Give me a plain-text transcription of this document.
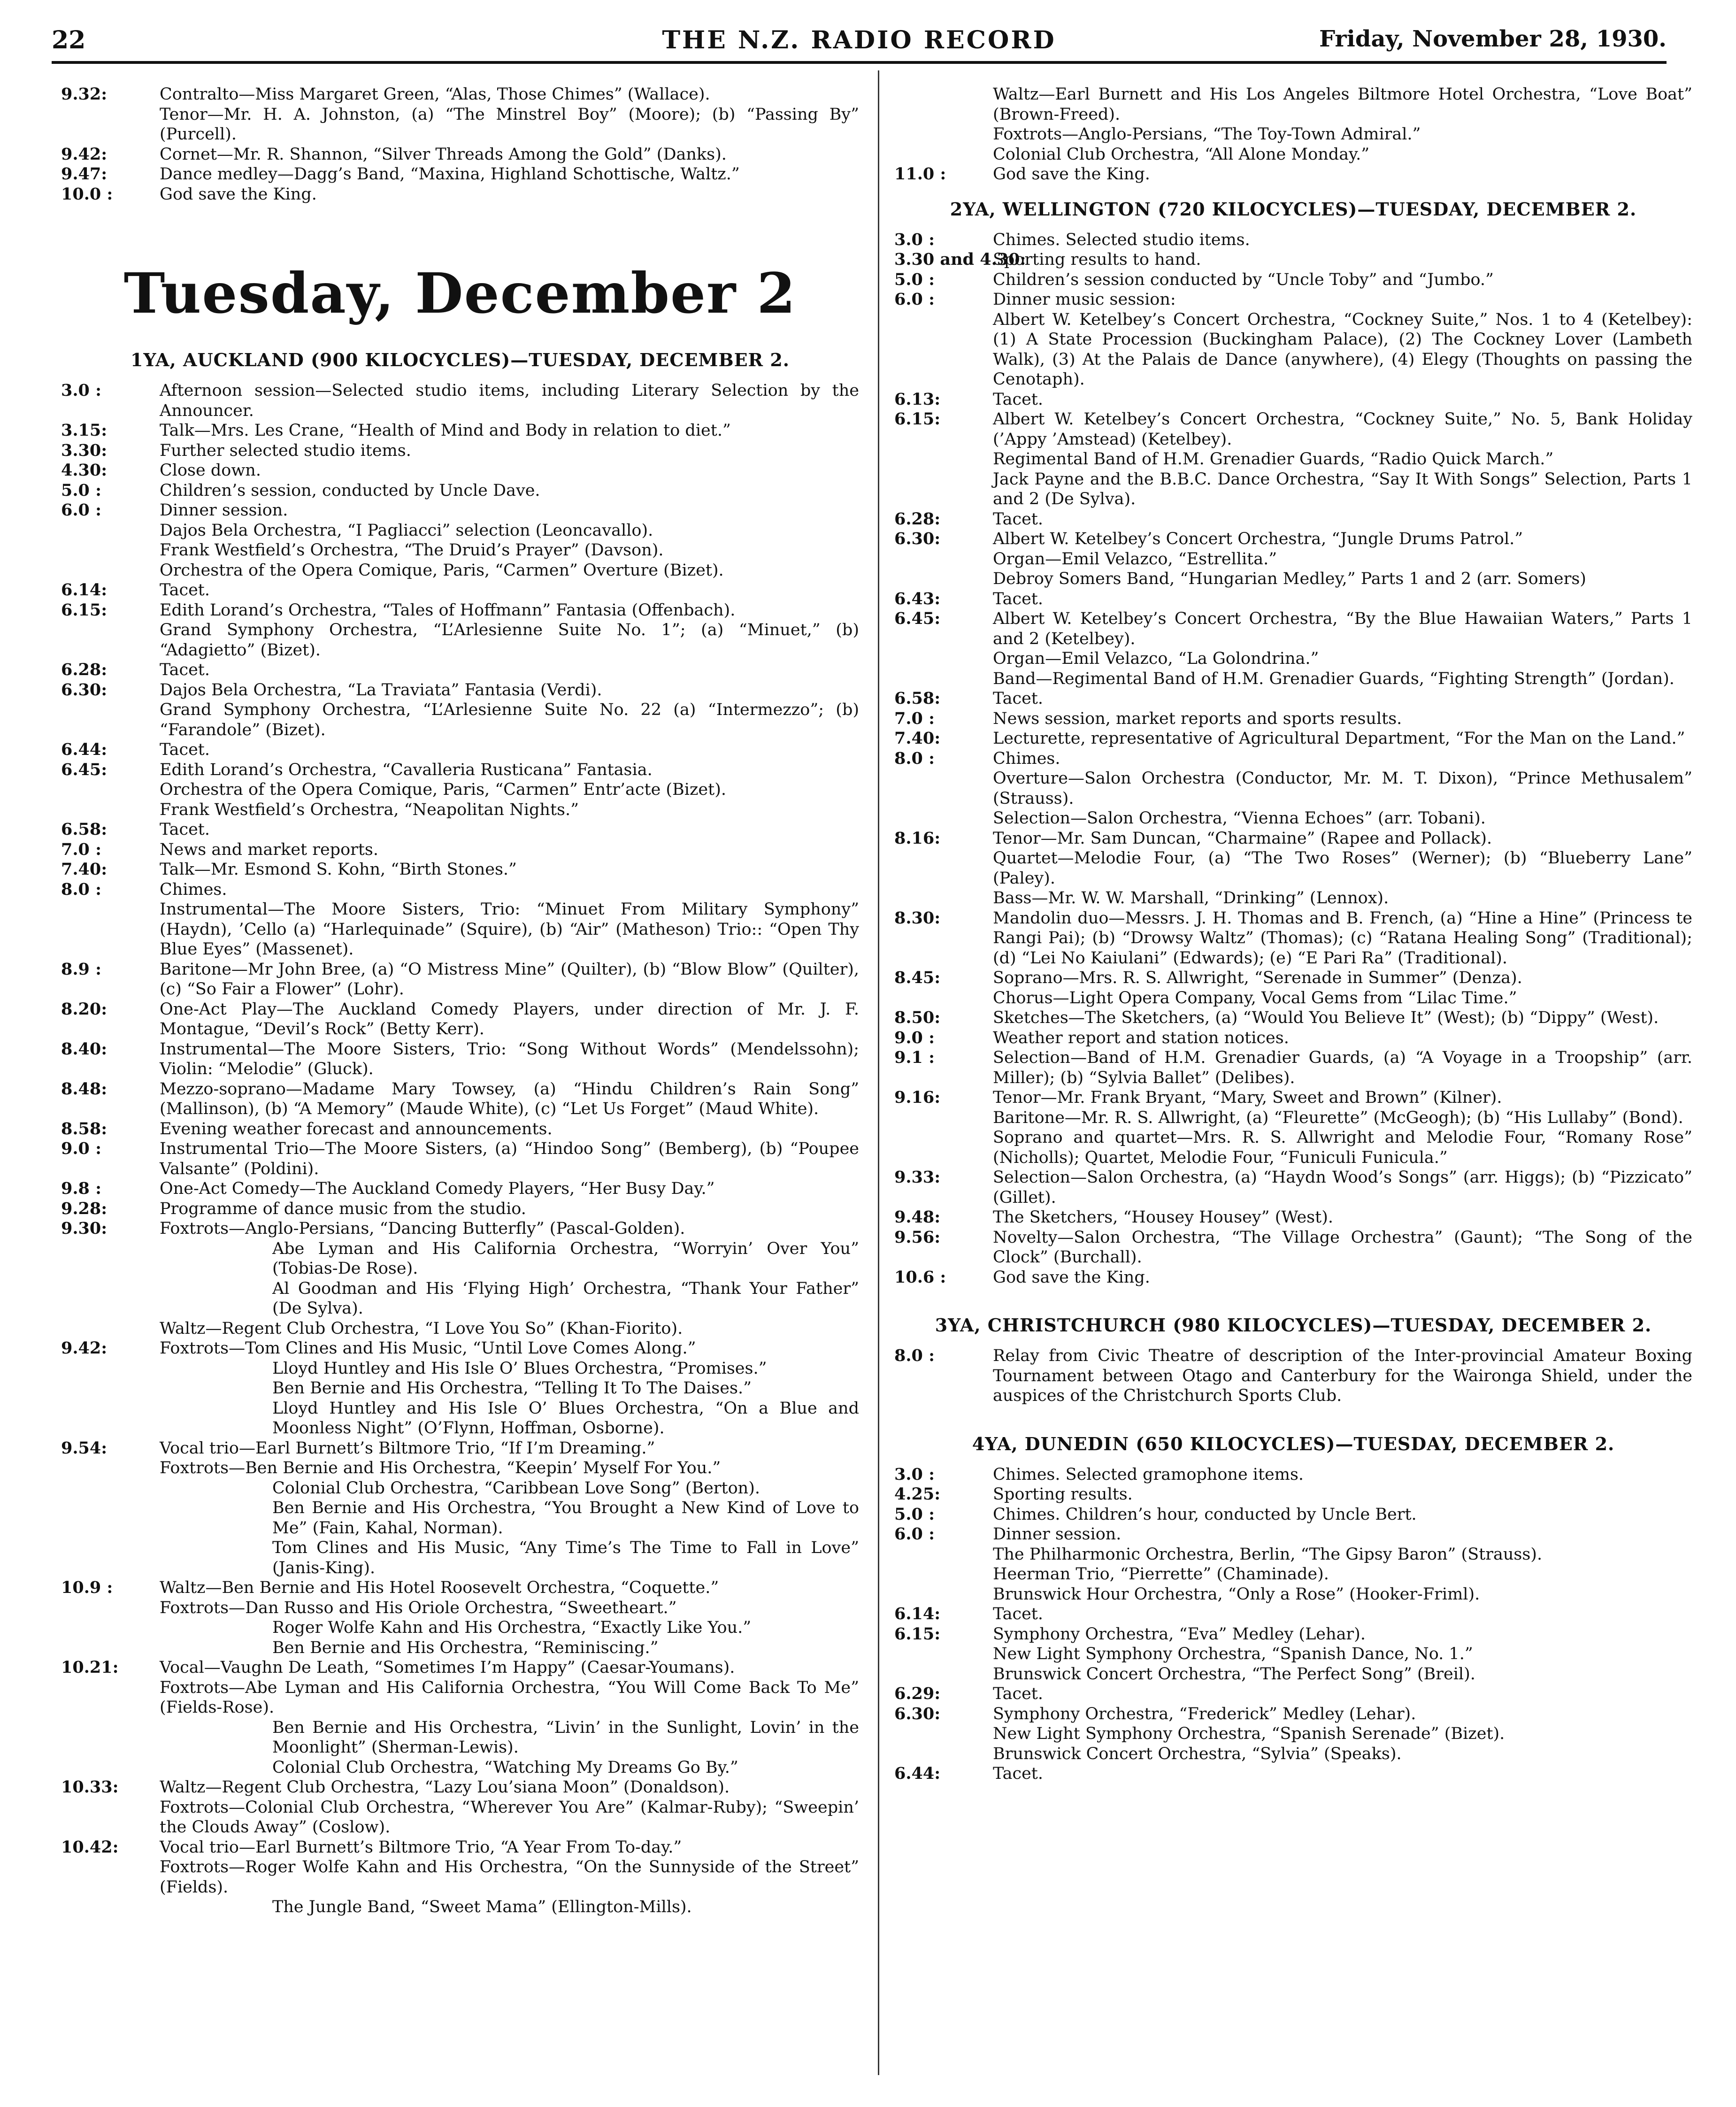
22	THE N.Z. RADIO RECORD	Friday, November 28, 1930.
9.32:	Contralto—Miss Margaret Green, “Alas, Those Chimes” (Wallace).
Tenor—Mr. H. A. Johnston, (a) “The Minstrel Boy” (Moore); (b) “Passing By” (Purcell).
9.42:	Cornet—Mr. R. Shannon, “Silver Threads Among the Gold” (Danks).
9.47:	Dance medley—Dagg’s Band, “Maxina, Highland Schottische, Waltz.”
10.0 :	God save the King.
Tuesday, December 2
1YA, AUCKLAND (900 KILOCYCLES)—TUESDAY, DECEMBER 2.
3.0 :	Afternoon session—Selected studio items, including Literary Selection by the Announcer.
3.15:	Talk—Mrs. Les Crane, “Health of Mind and Body in relation to diet.”
3.30:	Further selected studio items.
4.30:	Close down.
5.0 :	Children’s session, conducted by Uncle Dave.
6.0 :	Dinner session.
Dajos Bela Orchestra, “I Pagliacci” selection (Leoncavallo).
Frank Westfield’s Orchestra, “The Druid’s Prayer” (Davson).
Orchestra of the Opera Comique, Paris, “Carmen” Overture (Bizet).
6.14:	Tacet.
6.15:	Edith Lorand’s Orchestra, “Tales of Hoffmann” Fantasia (Offenbach).
Grand Symphony Orchestra, “L’Arlesienne Suite No. 1”; (a) “Minuet,” (b) “Adagietto” (Bizet).
6.28:	Tacet.
6.30:	Dajos Bela Orchestra, “La Traviata” Fantasia (Verdi).
Grand Symphony Orchestra, “L’Arlesienne Suite No. 22 (a) “Intermezzo”; (b) “Farandole” (Bizet).
6.44:	Tacet.
6.45:	Edith Lorand’s Orchestra, “Cavalleria Rusticana” Fantasia.
Orchestra of the Opera Comique, Paris, “Carmen” Entr’acte (Bizet).
Frank Westfield’s Orchestra, “Neapolitan Nights.”
6.58:	Tacet.
7.0 :	News and market reports.
7.40:	Talk—Mr. Esmond S. Kohn, “Birth Stones.”
8.0 :	Chimes.
Instrumental—The Moore Sisters, Trio: “Minuet From Military Symphony” (Haydn), ’Cello (a) “Harlequinade” (Squire), (b) “Air” (Matheson) Trio:: “Open Thy Blue Eyes” (Massenet).
8.9 :	Baritone—Mr John Bree, (a) “O Mistress Mine” (Quilter), (b) “Blow Blow” (Quilter), (c) “So Fair a Flower” (Lohr).
8.20:	One-Act Play—The Auckland Comedy Players, under direction of Mr. J. F. Montague, “Devil’s Rock” (Betty Kerr).
8.40:	Instrumental—The Moore Sisters, Trio: “Song Without Words” (Mendelssohn); Violin: “Melodie” (Gluck).
8.48:	Mezzo-soprano—Madame Mary Towsey, (a) “Hindu Children’s Rain Song” (Mallinson), (b) “A Memory” (Maude White), (c) “Let Us Forget” (Maud White).
8.58:	Evening weather forecast and announcements.
9.0 :	Instrumental Trio—The Moore Sisters, (a) “Hindoo Song” (Bemberg), (b) “Poupee Valsante” (Poldini).
9.8 :	One-Act Comedy—The Auckland Comedy Players, “Her Busy Day.”
9.28:	Programme of dance music from the studio.
9.30:	Foxtrots—Anglo-Persians, “Dancing Butterfly” (Pascal-Golden).
Abe Lyman and His California Orchestra, “Worryin’ Over You” (Tobias-De Rose).
Al Goodman and His ‘Flying High’ Orchestra, “Thank Your Father” (De Sylva).
Waltz—Regent Club Orchestra, “I Love You So” (Khan-Fiorito).
9.42:	Foxtrots—Tom Clines and His Music, “Until Love Comes Along.”
Lloyd Huntley and His Isle O’ Blues Orchestra, “Promises.”
Ben Bernie and His Orchestra, “Telling It To The Daises.”
Lloyd Huntley and His Isle O’ Blues Orchestra, “On a Blue and Moonless Night” (O’Flynn, Hoffman, Osborne).
9.54:	Vocal trio—Earl Burnett’s Biltmore Trio, “If I’m Dreaming.”
Foxtrots—Ben Bernie and His Orchestra, “Keepin’ Myself For You.”
Colonial Club Orchestra, “Caribbean Love Song” (Berton).
Ben Bernie and His Orchestra, “You Brought a New Kind of Love to Me” (Fain, Kahal, Norman).
Tom Clines and His Music, “Any Time’s The Time to Fall in Love” (Janis-King).
10.9 :	Waltz—Ben Bernie and His Hotel Roosevelt Orchestra, “Coquette.”
Foxtrots—Dan Russo and His Oriole Orchestra, “Sweetheart.”
Roger Wolfe Kahn and His Orchestra, “Exactly Like You.”
Ben Bernie and His Orchestra, “Reminiscing.”
10.21:	Vocal—Vaughn De Leath, “Sometimes I’m Happy” (Caesar-Youmans).
Foxtrots—Abe Lyman and His California Orchestra, “You Will Come Back To Me” (Fields-Rose).
Ben Bernie and His Orchestra, “Livin’ in the Sunlight, Lovin’ in the Moonlight” (Sherman-Lewis).
Colonial Club Orchestra, “Watching My Dreams Go By.”
10.33:	Waltz—Regent Club Orchestra, “Lazy Lou’siana Moon” (Donaldson).
Foxtrots—Colonial Club Orchestra, “Wherever You Are” (Kalmar-Ruby); “Sweepin’ the Clouds Away” (Coslow).
10.42:	Vocal trio—Earl Burnett’s Biltmore Trio, “A Year From To-day.”
Foxtrots—Roger Wolfe Kahn and His Orchestra, “On the Sunnyside of the Street” (Fields).
The Jungle Band, “Sweet Mama” (Ellington-Mills).
Waltz—Earl Burnett and His Los Angeles Biltmore Hotel Orchestra, “Love Boat” (Brown-Freed).
Foxtrots—Anglo-Persians, “The Toy-Town Admiral.”
Colonial Club Orchestra, “All Alone Monday.”
11.0 :	God save the King.
2YA, WELLINGTON (720 KILOCYCLES)—TUESDAY, DECEMBER 2.
3.0 :	Chimes. Selected studio items.
3.30 and 4.30:
Sporting results to hand.
5.0 :	Children’s session conducted by “Uncle Toby” and “Jumbo.”
6.0 :	Dinner music session:
Albert W. Ketelbey’s Concert Orchestra, “Cockney Suite,” Nos. 1 to 4 (Ketelbey): (1) A State Procession (Buckingham Palace), (2) The Cockney Lover (Lambeth Walk), (3) At the Palais de Dance (anywhere), (4) Elegy (Thoughts on passing the Cenotaph).
6.13:	Tacet.
6.15:	Albert W. Ketelbey’s Concert Orchestra, “Cockney Suite,” No. 5, Bank Holiday (’Appy ’Amstead) (Ketelbey).
Regimental Band of H.M. Grenadier Guards, “Radio Quick March.”
Jack Payne and the B.B.C. Dance Orchestra, “Say It With Songs” Selection, Parts 1 and 2 (De Sylva).
6.28:	Tacet.
6.30:	Albert W. Ketelbey’s Concert Orchestra, “Jungle Drums Patrol.”
Organ—Emil Velazco, “Estrellita.”
Debroy Somers Band, “Hungarian Medley,” Parts 1 and 2 (arr. Somers)
6.43:	Tacet.
6.45:	Albert W. Ketelbey’s Concert Orchestra, “By the Blue Hawaiian Waters,” Parts 1 and 2 (Ketelbey).
Organ—Emil Velazco, “La Golondrina.”
Band—Regimental Band of H.M. Grenadier Guards, “Fighting Strength” (Jordan).
6.58:	Tacet.
7.0 :	News session, market reports and sports results.
7.40:	Lecturette, representative of Agricultural Department, “For the Man on the Land.”
8.0 :	Chimes.
Overture—Salon Orchestra (Conductor, Mr. M. T. Dixon), “Prince Methusalem” (Strauss).
Selection—Salon Orchestra, “Vienna Echoes” (arr. Tobani).
8.16:	Tenor—Mr. Sam Duncan, “Charmaine” (Rapee and Pollack).
Quartet—Melodie Four, (a) “The Two Roses” (Werner); (b) “Blueberry Lane” (Paley).
Bass—Mr. W. W. Marshall, “Drinking” (Lennox).
8.30:	Mandolin duo—Messrs. J. H. Thomas and B. French, (a) “Hine a Hine” (Princess te Rangi Pai); (b) “Drowsy Waltz” (Thomas); (c) “Ratana Healing Song” (Traditional); (d) “Lei No Kaiulani” (Edwards); (e) “E Pari Ra” (Traditional).
8.45:	Soprano—Mrs. R. S. Allwright, “Serenade in Summer” (Denza).
Chorus—Light Opera Company, Vocal Gems from “Lilac Time.”
8.50:	Sketches—The Sketchers, (a) “Would You Believe It” (West); (b) “Dippy” (West).
9.0 :	Weather report and station notices.
9.1 :	Selection—Band of H.M. Grenadier Guards, (a) “A Voyage in a Troopship” (arr. Miller); (b) “Sylvia Ballet” (Delibes).
9.16:	Tenor—Mr. Frank Bryant, “Mary, Sweet and Brown” (Kilner).
Baritone—Mr. R. S. Allwright, (a) “Fleurette” (McGeogh); (b) “His Lullaby” (Bond).
Soprano and quartet—Mrs. R. S. Allwright and Melodie Four, “Romany Rose” (Nicholls); Quartet, Melodie Four, “Funiculi Funicula.”
9.33:	Selection—Salon Orchestra, (a) “Haydn Wood’s Songs” (arr. Higgs); (b) “Pizzicato” (Gillet).
9.48:	The Sketchers, “Housey Housey” (West).
9.56:	Novelty—Salon Orchestra, “The Village Orchestra” (Gaunt); “The Song of the Clock” (Burchall).
10.6 :	God save the King.
3YA, CHRISTCHURCH (980 KILOCYCLES)—TUESDAY, DECEMBER 2.
8.0 :	Relay from Civic Theatre of description of the Inter-provincial Amateur Boxing Tournament between Otago and Canterbury for the Waironga Shield, under the auspices of the Christchurch Sports Club.
4YA, DUNEDIN (650 KILOCYCLES)—TUESDAY, DECEMBER 2.
3.0 :	Chimes. Selected gramophone items.
4.25:	Sporting results.
5.0 :	Chimes. Children’s hour, conducted by Uncle Bert.
6.0 :	Dinner session.
The Philharmonic Orchestra, Berlin, “The Gipsy Baron” (Strauss).
Heerman Trio, “Pierrette” (Chaminade).
Brunswick Hour Orchestra, “Only a Rose” (Hooker-Friml).
6.14:	Tacet.
6.15:	Symphony Orchestra, “Eva” Medley (Lehar).
New Light Symphony Orchestra, “Spanish Dance, No. 1.”
Brunswick Concert Orchestra, “The Perfect Song” (Breil).
6.29:	Tacet.
6.30:	Symphony Orchestra, “Frederick” Medley (Lehar).
New Light Symphony Orchestra, “Spanish Serenade” (Bizet).
Brunswick Concert Orchestra, “Sylvia” (Speaks).
6.44:	Tacet.
